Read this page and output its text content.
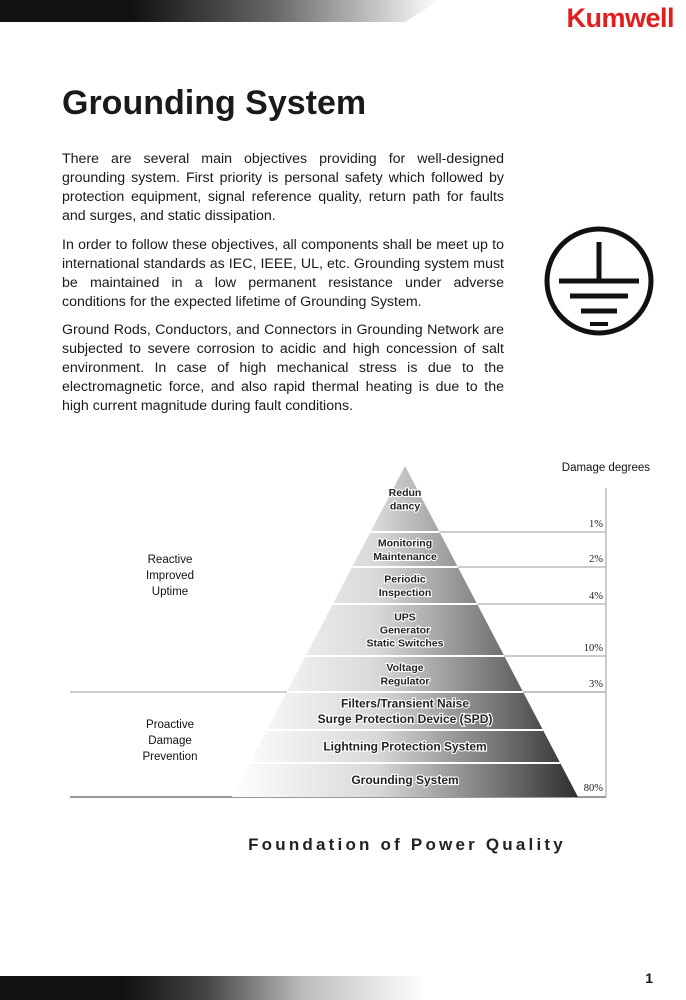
Kumwell
Grounding System

There are several main objectives providing for well-designed grounding system. First priority is personal safety which followed by protection equipment, signal reference quality, return path for faults and surges, and static dissipation.

In order to follow these objectives, all components shall be meet up to international standards as IEC, IEEE, UL, etc. Grounding system must be maintained in a low permanent resistance under adverse conditions for the expected lifetime of Grounding System.

Ground Rods, Conductors, and Connectors in Grounding Network are subjected to severe corrosion to acidic and high concession of salt environment. In case of high mechanical stress is due to the electromagnetic force, and also rapid thermal heating is due to the high current magnitude during fault conditions.

Damage degrees
Reactive
Improved
Uptime
Proactive
Damage
Prevention
Redun
dancy
1%
Monitoring
Maintenance	2%
Periodic
Inspection	4%
UPS
Generator
Static Switches	10%
Voltage
Regulator	3%
Filters/Transient Naise
Surge Protection Device (SPD)
Lightning Protection System
Grounding System
80%
Foundation of Power Quality
1
